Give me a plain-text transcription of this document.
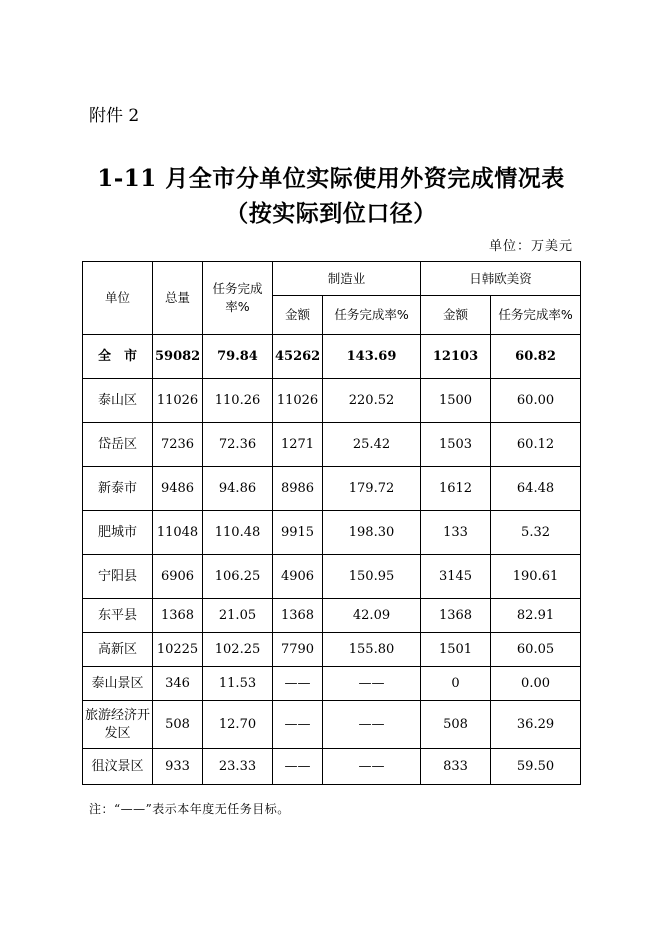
附件 2
1-11 月全市分单位实际使用外资完成情况表
（按实际到位口径）
单位：万美元
单位	总量	任务完成率%	制造业		日韩欧美资	
			金额	任务完成率%	金额	任务完成率%
全　市	59082	79.84	45262	143.69	12103	60.82
泰山区	11026	110.26	11026	220.52	1500	60.00
岱岳区	7236	72.36	1271	25.42	1503	60.12
新泰市	9486	94.86	8986	179.72	1612	64.48
肥城市	11048	110.48	9915	198.30	133	5.32
宁阳县	6906	106.25	4906	150.95	3145	190.61
东平县	1368	21.05	1368	42.09	1368	82.91
高新区	10225	102.25	7790	155.80	1501	60.05
泰山景区	346	11.53	——	——	0	0.00
旅游经济开发区	508	12.70	——	——	508	36.29
徂汶景区	933	23.33	——	——	833	59.50
注：“——”表示本年度无任务目标。
